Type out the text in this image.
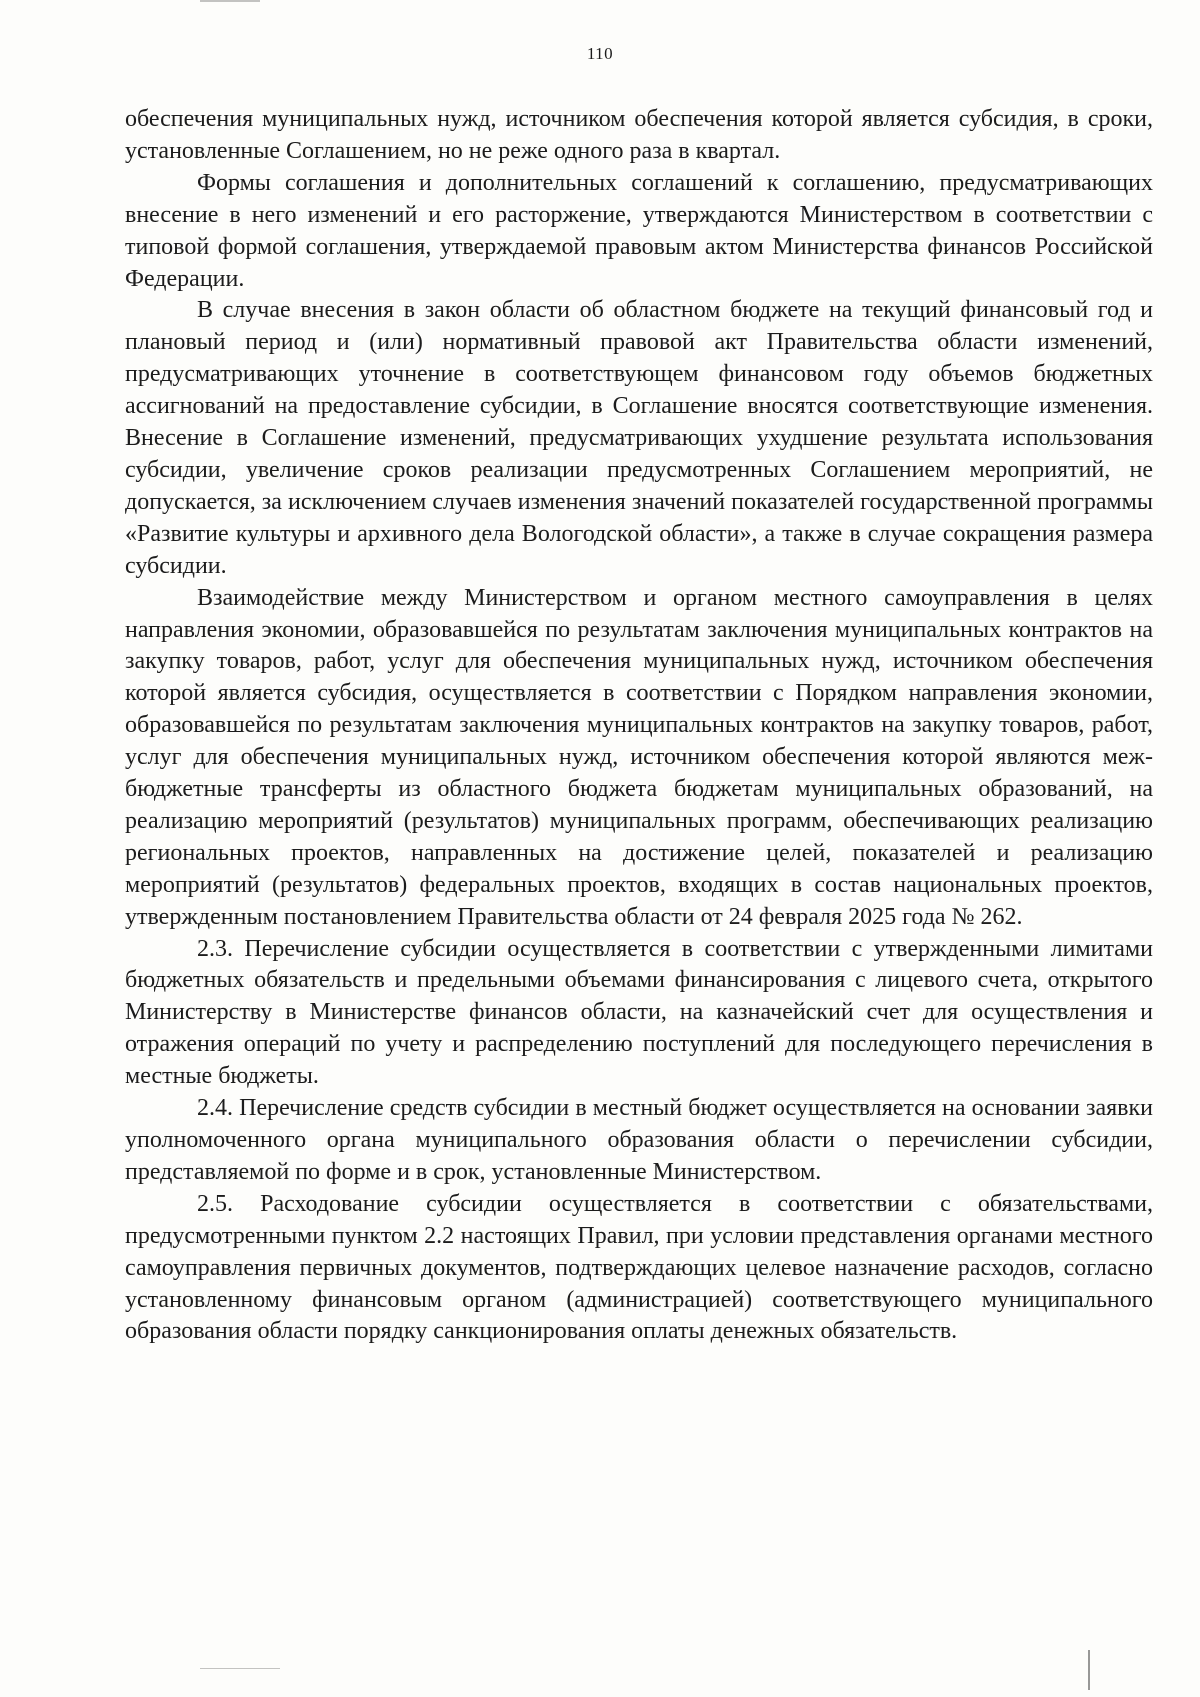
110

обеспечения муниципальных нужд, источником обеспечения которой является субсидия, в сроки, установленные Соглашением, но не реже одного раза в квартал.

Формы соглашения и дополнительных соглашений к соглашению, предусматривающих внесение в него изменений и его расторжение, утверждаются Министерством в соответствии с типовой формой соглашения, утверждаемой правовым актом Министерства финансов Российской Федерации.

В случае внесения в закон области об областном бюджете на текущий финансовый год и плановый период и (или) нормативный правовой акт Правительства области изменений, предусматривающих уточнение в соответствующем финансовом году объемов бюджетных ассигнований на предоставление субсидии, в Соглашение вносятся соответствующие изменения. Внесение в Соглашение изменений, предусматривающих ухудшение результата использования субсидии, увеличение сроков реализации предусмотренных Соглашением мероприятий, не допускается, за исключением случаев изменения значений показателей государственной программы «Развитие культуры и архивного дела Вологодской области», а также в случае сокращения размера субсидии.

Взаимодействие между Министерством и органом местного самоуправления в целях направления экономии, образовавшейся по результатам заключения муниципальных контрактов на закупку товаров, работ, услуг для обеспечения муниципальных нужд, источником обеспечения которой является субсидия, осуществляется в соответствии с Порядком направления экономии, образовавшейся по результатам заключения муниципальных контрактов на закупку товаров, работ, услуг для обеспечения муниципальных нужд, источником обеспечения которой являются межбюджетные трансферты из областного бюджета бюджетам муниципальных образований, на реализацию мероприятий (результатов) муниципальных программ, обеспечивающих реализацию региональных проектов, направленных на достижение целей, показателей и реализацию мероприятий (результатов) федеральных проектов, входящих в состав национальных проектов, утвержденным постановлением Правительства области от 24 февраля 2025 года № 262.

2.3. Перечисление субсидии осуществляется в соответствии с утвержденными лимитами бюджетных обязательств и предельными объемами финансирования с лицевого счета, открытого Министерству в Министерстве финансов области, на казначейский счет для осуществления и отражения операций по учету и распределению поступлений для последующего перечисления в местные бюджеты.

2.4. Перечисление средств субсидии в местный бюджет осуществляется на основании заявки уполномоченного органа муниципального образования области о перечислении субсидии, представляемой по форме и в срок, установленные Министерством.

2.5. Расходование субсидии осуществляется в соответствии с обязательствами, предусмотренными пунктом 2.2 настоящих Правил, при условии представления органами местного самоуправления первичных документов, подтверждающих целевое назначение расходов, согласно установленному финансовым органом (администрацией) соответствующего муниципального образования области порядку санкционирования оплаты денежных обязательств.
